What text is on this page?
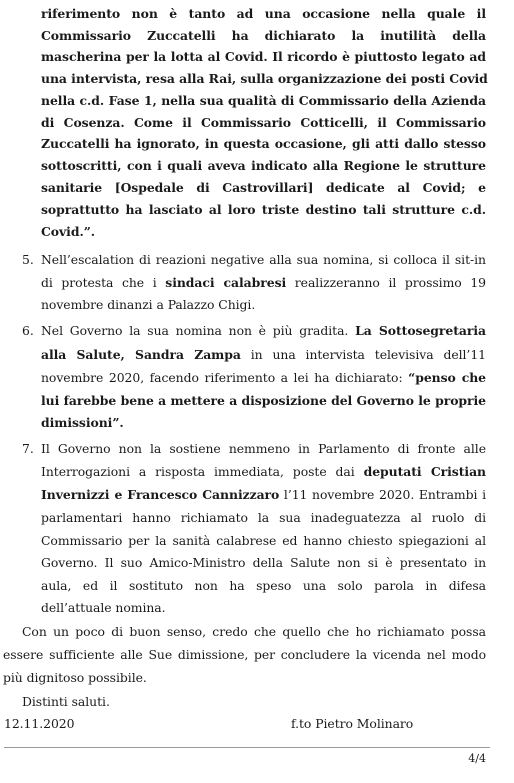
riferimento non è tanto ad una occasione nella quale il
Commissario Zuccatelli ha dichiarato la inutilità della
mascherina per la lotta al Covid. Il ricordo è piuttosto legato ad
una intervista, resa alla Rai, sulla organizzazione dei posti Covid
nella c.d. Fase 1, nella sua qualità di Commissario della Azienda
di Cosenza. Come il Commissario Cotticelli, il Commissario
Zuccatelli ha ignorato, in questa occasione, gli atti dallo stesso
sottoscritti, con i quali aveva indicato alla Regione le strutture
sanitarie [Ospedale di Castrovillari] dedicate al Covid; e
soprattutto ha lasciato al loro triste destino tali strutture c.d.
Covid.”.
5. Nell’escalation di reazioni negative alla sua nomina, si colloca il sit-in
di protesta che i sindaci calabresi realizzeranno il prossimo 19
novembre dinanzi a Palazzo Chigi.
6. Nel Governo la sua nomina non è più gradita. La Sottosegretaria
alla Salute, Sandra Zampa in una intervista televisiva dell’11
novembre 2020, facendo riferimento a lei ha dichiarato: “penso che
lui farebbe bene a mettere a disposizione del Governo le proprie
dimissioni”.
7. Il Governo non la sostiene nemmeno in Parlamento di fronte alle
Interrogazioni a risposta immediata, poste dai deputati Cristian
Invernizzi e Francesco Cannizzaro l’11 novembre 2020. Entrambi i
parlamentari hanno richiamato la sua inadeguatezza al ruolo di
Commissario per la sanità calabrese ed hanno chiesto spiegazioni al
Governo. Il suo Amico-Ministro della Salute non si è presentato in
aula, ed il sostituto non ha speso una solo parola in difesa
dell’attuale nomina.
Con un poco di buon senso, credo che quello che ho richiamato possa
essere sufficiente alle Sue dimissione, per concludere la vicenda nel modo
più dignitoso possibile.
Distinti saluti.
12.11.2020	f.to Pietro Molinaro
4/4
